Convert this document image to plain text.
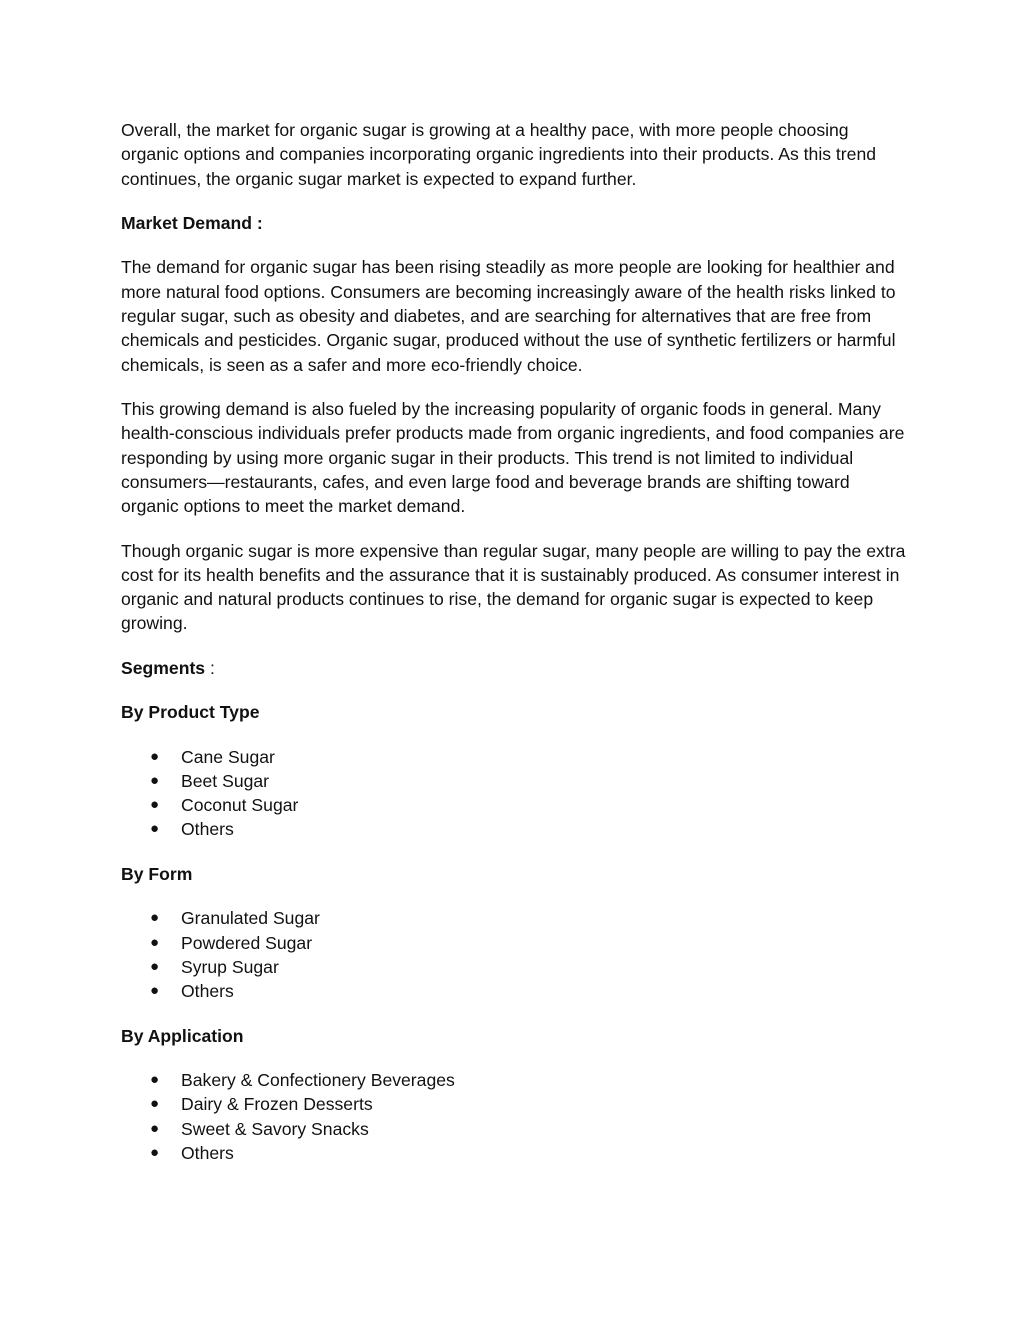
Overall, the market for organic sugar is growing at a healthy pace, with more people choosing organic options and companies incorporating organic ingredients into their products. As this trend continues, the organic sugar market is expected to expand further.

Market Demand :

The demand for organic sugar has been rising steadily as more people are looking for healthier and more natural food options. Consumers are becoming increasingly aware of the health risks linked to regular sugar, such as obesity and diabetes, and are searching for alternatives that are free from chemicals and pesticides. Organic sugar, produced without the use of synthetic fertilizers or harmful chemicals, is seen as a safer and more eco-friendly choice.

This growing demand is also fueled by the increasing popularity of organic foods in general. Many health-conscious individuals prefer products made from organic ingredients, and food companies are responding by using more organic sugar in their products. This trend is not limited to individual consumers—restaurants, cafes, and even large food and beverage brands are shifting toward organic options to meet the market demand.

Though organic sugar is more expensive than regular sugar, many people are willing to pay the extra cost for its health benefits and the assurance that it is sustainably produced. As consumer interest in organic and natural products continues to rise, the demand for organic sugar is expected to keep growing.

Segments :
By Product Type
● Cane Sugar
● Beet Sugar
● Coconut Sugar
● Others
By Form
● Granulated Sugar
● Powdered Sugar
● Syrup Sugar
● Others
By Application
● Bakery & Confectionery Beverages
● Dairy & Frozen Desserts
● Sweet & Savory Snacks
● Others
